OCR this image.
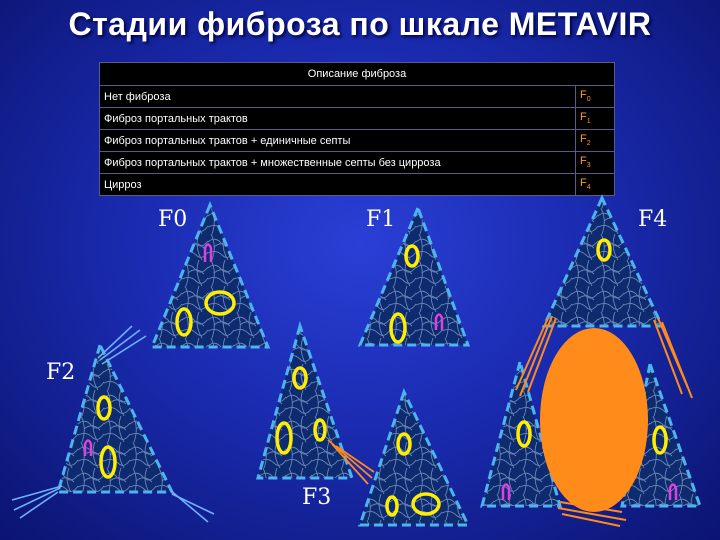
Стадии фиброза по шкале METAVIR
Описание фиброза	
Нет фиброза	$F_0$
Фиброз портальных трактов	$F_1$
Фиброз портальных трактов + единичные септы	$F_2$
Фиброз портальных трактов + множественные септы без цирроза	$F_3$
Цирроз	$F_4$
F0	F1
F2
F3
F4
